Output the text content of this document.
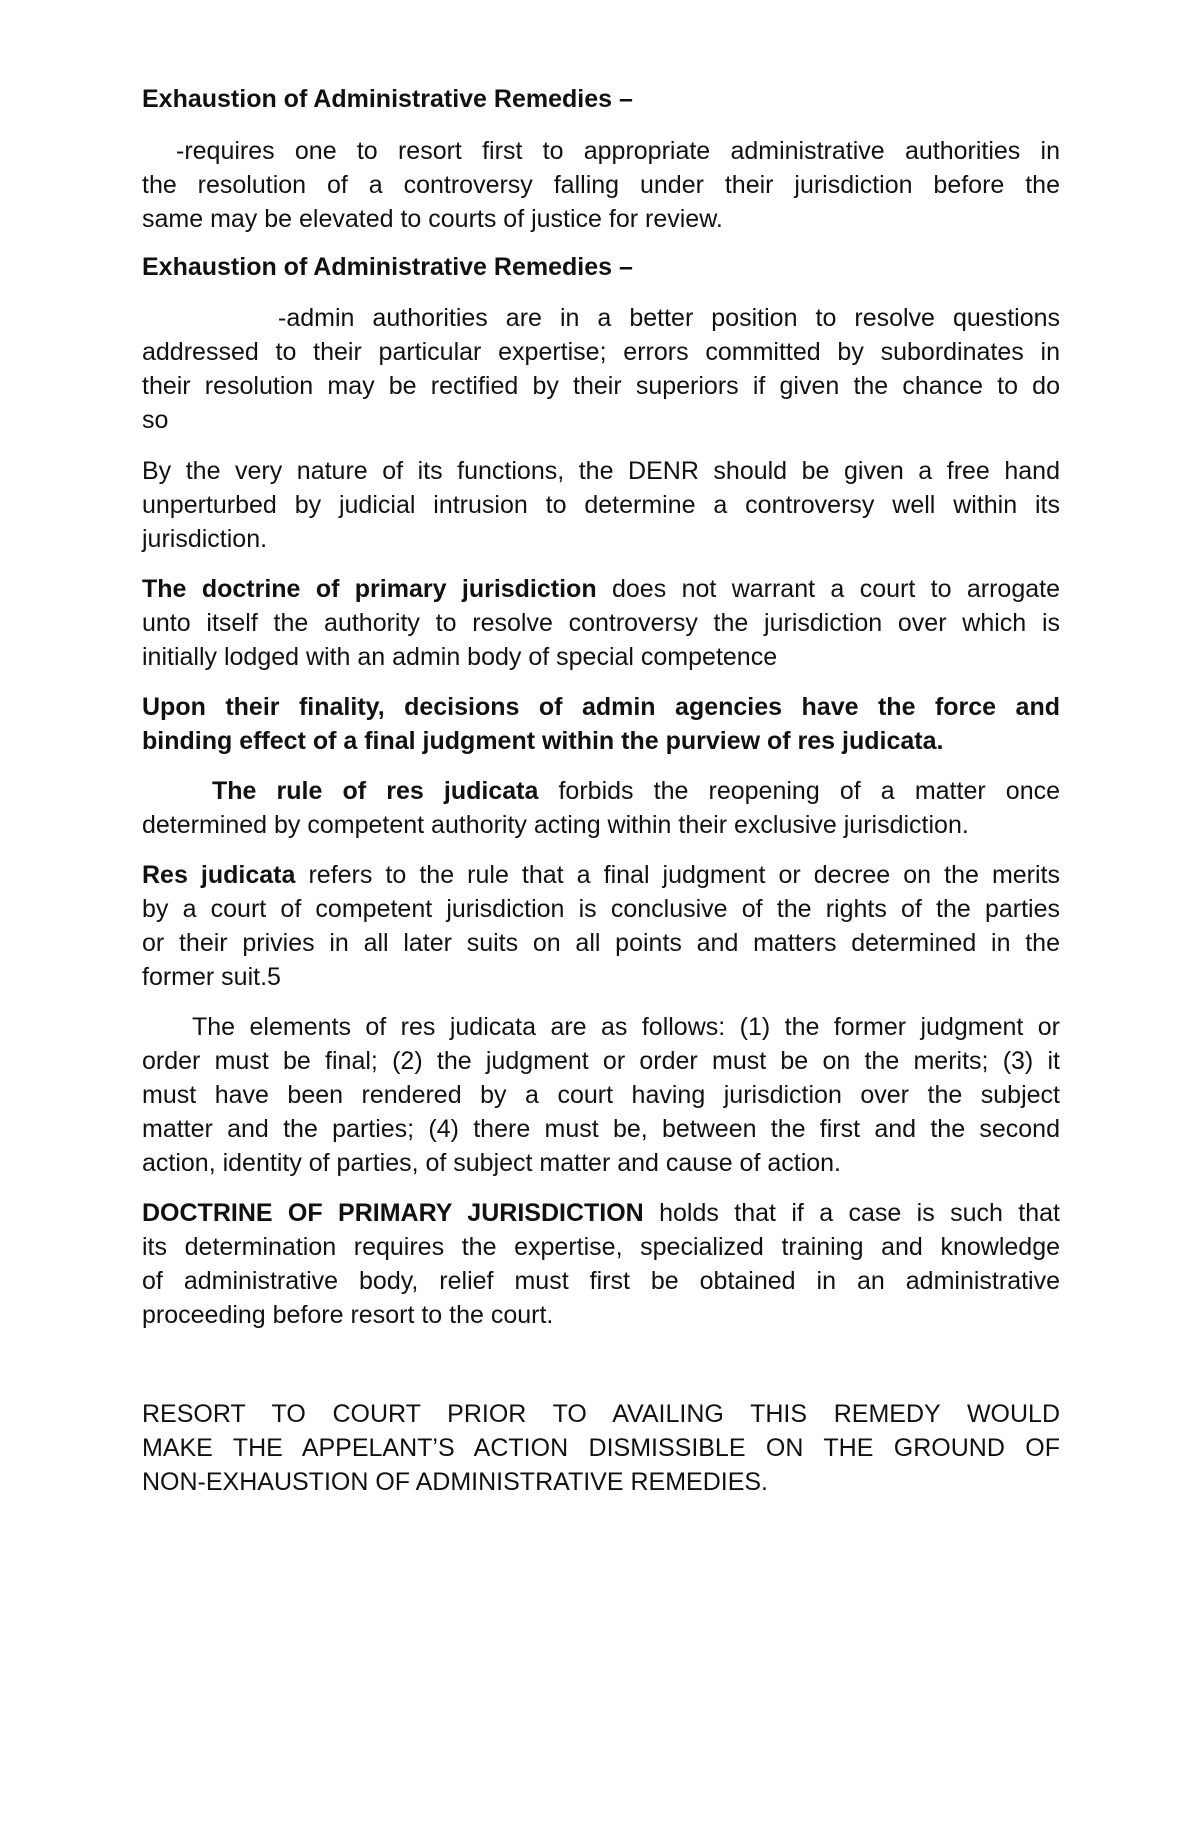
Exhaustion of Administrative Remedies –
-requires one to resort first to appropriate administrative authorities in
the resolution of a controversy falling under their jurisdiction before the
same may be elevated to courts of justice for review.
Exhaustion of Administrative Remedies –
-admin authorities are in a better position to resolve questions
addressed to their particular expertise; errors committed by subordinates in
their resolution may be rectified by their superiors if given the chance to do
so
By the very nature of its functions, the DENR should be given a free hand
unperturbed by judicial intrusion to determine a controversy well within its
jurisdiction.
The doctrine of primary jurisdiction does not warrant a court to arrogate
unto itself the authority to resolve controversy the jurisdiction over which is
initially lodged with an admin body of special competence
Upon their finality, decisions of admin agencies have the force and
binding effect of a final judgment within the purview of res judicata.
The rule of res judicata forbids the reopening of a matter once
determined by competent authority acting within their exclusive jurisdiction.
Res judicata refers to the rule that a final judgment or decree on the merits
by a court of competent jurisdiction is conclusive of the rights of the parties
or their privies in all later suits on all points and matters determined in the
former suit.5
The elements of res judicata are as follows: (1) the former judgment or
order must be final; (2) the judgment or order must be on the merits; (3) it
must have been rendered by a court having jurisdiction over the subject
matter and the parties; (4) there must be, between the first and the second
action, identity of parties, of subject matter and cause of action.
DOCTRINE OF PRIMARY JURISDICTION holds that if a case is such that
its determination requires the expertise, specialized training and knowledge
of administrative body, relief must first be obtained in an administrative
proceeding before resort to the court.
RESORT TO COURT PRIOR TO AVAILING THIS REMEDY WOULD
MAKE THE APPELANT’S ACTION DISMISSIBLE ON THE GROUND OF
NON-EXHAUSTION OF ADMINISTRATIVE REMEDIES.
